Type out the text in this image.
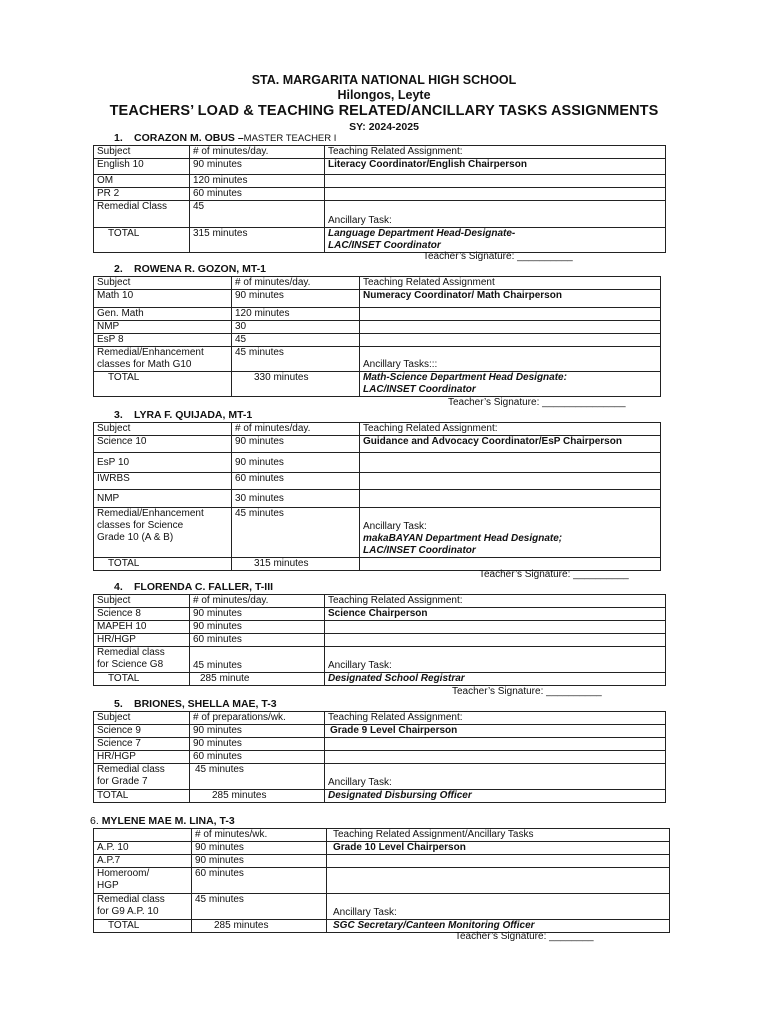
STA. MARGARITA NATIONAL HIGH SCHOOL
Hilongos, Leyte
TEACHERS’ LOAD & TEACHING RELATED/ANCILLARY TASKS ASSIGNMENTS
SY: 2024-2025
1. CORAZON M. OBUS –MASTER TEACHER I
Subject	# of minutes/day.	Teaching Related Assignment:
English 10	90 minutes	Literacy Coordinator/English Chairperson
OM	120 minutes	
PR 2	60 minutes	
Remedial Class	45	Ancillary Task:
TOTAL	315 minutes	Language Department Head-Designate-
LAC/INSET Coordinator
Teacher’s Signature: __________
2. ROWENA R. GOZON, MT-1
Subject	# of minutes/day.	Teaching Related Assignment
Math 10	90 minutes	Numeracy Coordinator/ Math Chairperson
Gen. Math	120 minutes	
NMP	30	
EsP 8	45	

Remedial/Enhancement
classes for Math G10	45 minutes	Ancillary Tasks:::
TOTAL	330 minutes	Math-Science Department Head Designate:
LAC/INSET Coordinator
Teacher’s Signature: _______________
3. LYRA F. QUIJADA, MT-1
Subject	# of minutes/day.	Teaching Related Assignment:
Science 10	90 minutes	Guidance and Advocacy Coordinator/EsP Chairperson
EsP 10	90 minutes	
IWRBS	60 minutes	
NMP	30 minutes	

Remedial/Enhancement
classes for Science
Grade 10 (A & B)	45 minutes	Ancillary Task:
makaBAYAN Department Head Designate;
LAC/INSET Coordinator

TOTAL	315 minutes	
Teacher’s Signature: __________
4. FLORENDA C. FALLER, T-III
Subject	# of minutes/day.	Teaching Related Assignment:
Science 8	90 minutes	Science Chairperson
MAPEH 10	90 minutes	
HR/HGP	60 minutes	

Remedial class
for Science G8	45 minutes	Ancillary Task:
TOTAL	285 minute	Designated School Registrar
Teacher’s Signature: __________
5. BRIONES, SHELLA MAE, T-3
Subject	# of preparations/wk.	Teaching Related Assignment:
Science 9	90 minutes	Grade 9 Level Chairperson
Science 7	90 minutes	
HR/HGP	60 minutes	

Remedial class
for Grade 7	45 minutes	Ancillary Task:
TOTAL	285 minutes	Designated Disbursing Officer
6. MYLENE MAE M. LINA, T-3
	# of minutes/wk.	Teaching Related Assignment/Ancillary Tasks
A.P. 10	90 minutes	Grade 10 Level Chairperson
A.P.7	90 minutes	

Homeroom/
HGP	60 minutes	

Remedial class
for G9 A.P. 10	45 minutes	Ancillary Task:
TOTAL	285 minutes	SGC Secretary/Canteen Monitoring Officer
Teacher’s Signature: ________
